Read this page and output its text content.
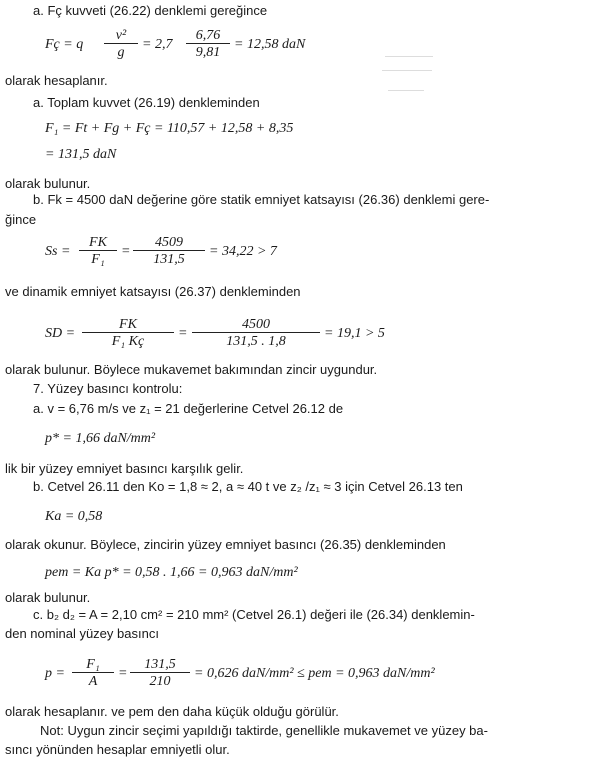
a. Fç kuvveti (26.22) denklemi gereğince
Fç = q $\frac{\text{v²}}{g} = 2,7 \frac{6,76}{9,81} = 12,58$ daN
olarak hesaplanır.
a. Toplam kuvvet (26.19) denkleminden
F₁ = Ft + Fg + Fç = 110,57 + 12,58 + 8,35
= 131,5 daN
olarak bulunur.
b. Fk = 4500 daN değerine göre statik emniyet katsayısı (26.36) denklemi gere-
ğince
$Ss = \frac{FK}{\text{F₁}} = \frac{4509}{131,5} = 34,22 > 7$
ve dinamik emniyet katsayısı (26.37) denkleminden
SD = $\frac{FK}{\text{F₁ Kç}} = \frac{4500}{131,5 . 1,8} = 19,1 > 5$
olarak bulunur. Böylece mukavemet bakımından zincir uygundur.
7. Yüzey basıncı kontrolu:
a. v = 6,76 m/s ve z₁ = 21 değerlerine Cetvel 26.12 de
p* = 1,66 daN/mm²
lik bir yüzey emniyet basıncı karşılık gelir.
b. Cetvel 26.11 den Ko = 1,8 ≈ 2, a ≈ 40 t ve z₂ /z₁ ≈ 3 için Cetvel 26.13 ten
Ka = 0,58
olarak okunur. Böylece, zincirin yüzey emniyet basıncı (26.35) denkleminden
pem = Ka p* = 0,58 . 1,66 = 0,963 daN/mm²
olarak bulunur.
c. b₂ d₂ = A = 2,10 cm² = 210 mm² (Cetvel 26.1) değeri ile (26.34) denklemin-
den nominal yüzey basıncı
$p = \frac{\text{F₁}}{A} = \frac{131,5}{210} = 0,626$ daN/mm² ≤ pem = 0,963 daN/mm²
olarak hesaplanır. ve pem den daha küçük olduğu görülür.
Not: Uygun zincir seçimi yapıldığı taktirde, genellikle mukavemet ve yüzey ba-
sıncı yönünden hesaplar emniyetli olur.
